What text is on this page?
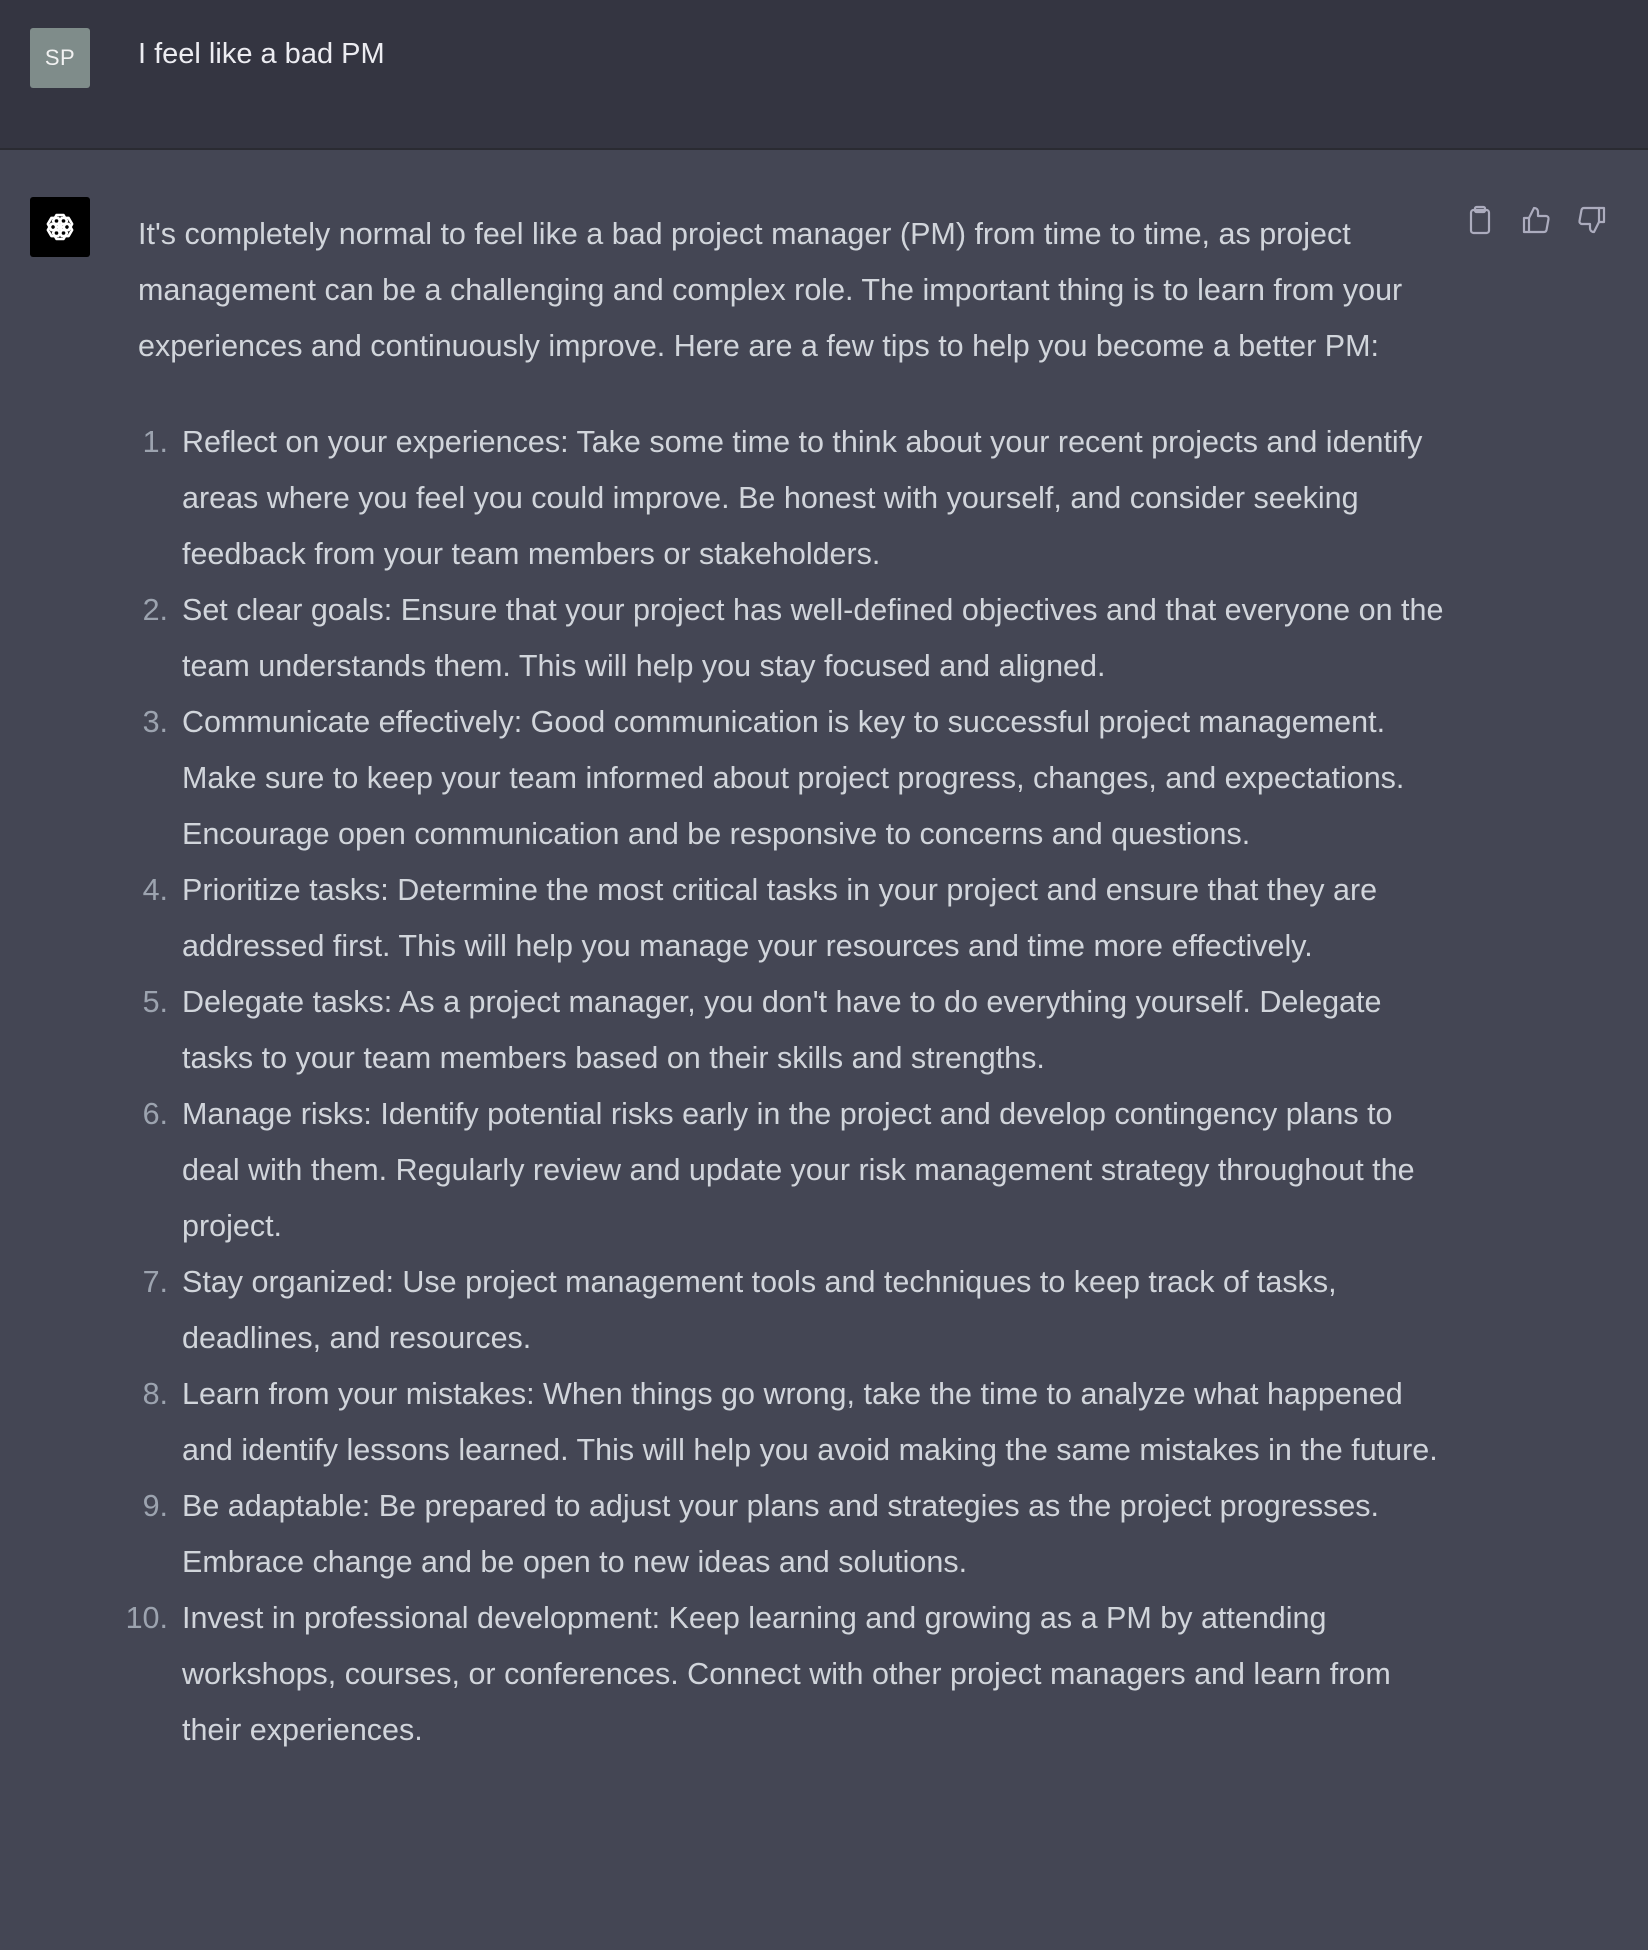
SP	I feel like a bad PM

It's completely normal to feel like a bad project manager (PM) from time to time, as project management can be a challenging and complex role. The important thing is to learn from your experiences and continuously improve. Here are a few tips to help you become a better PM:

1. Reflect on your experiences: Take some time to think about your recent projects and identify areas where you feel you could improve. Be honest with yourself, and consider seeking feedback from your team members or stakeholders.
2. Set clear goals: Ensure that your project has well-defined objectives and that everyone on the team understands them. This will help you stay focused and aligned.
3. Communicate effectively: Good communication is key to successful project management. Make sure to keep your team informed about project progress, changes, and expectations. Encourage open communication and be responsive to concerns and questions.
4. Prioritize tasks: Determine the most critical tasks in your project and ensure that they are addressed first. This will help you manage your resources and time more effectively.
5. Delegate tasks: As a project manager, you don't have to do everything yourself. Delegate tasks to your team members based on their skills and strengths.
6. Manage risks: Identify potential risks early in the project and develop contingency plans to deal with them. Regularly review and update your risk management strategy throughout the project.
7. Stay organized: Use project management tools and techniques to keep track of tasks, deadlines, and resources.
8. Learn from your mistakes: When things go wrong, take the time to analyze what happened and identify lessons learned. This will help you avoid making the same mistakes in the future.
9. Be adaptable: Be prepared to adjust your plans and strategies as the project progresses. Embrace change and be open to new ideas and solutions.
10. Invest in professional development: Keep learning and growing as a PM by attending workshops, courses, or conferences. Connect with other project managers and learn from their experiences.
